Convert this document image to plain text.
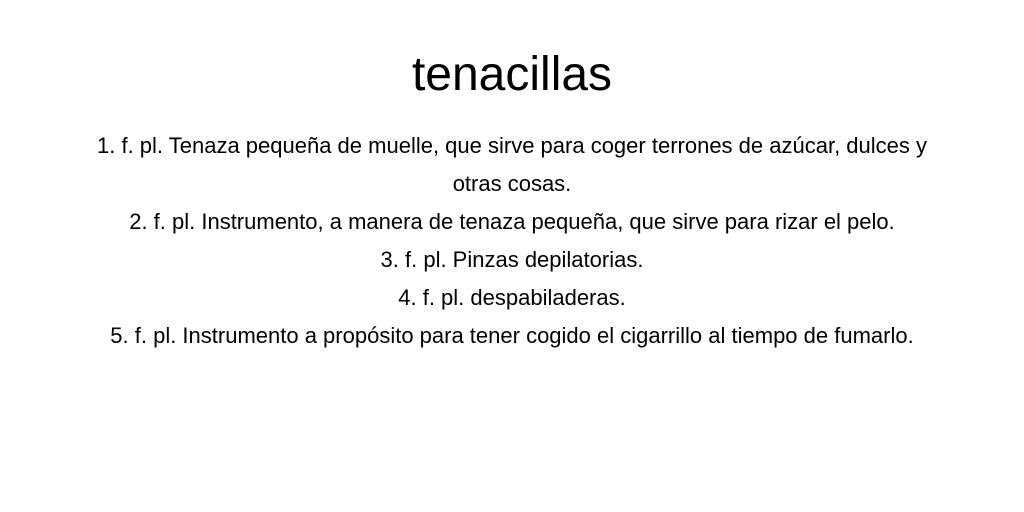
tenacillas

1. f. pl. Tenaza pequeña de muelle, que sirve para coger terrones de azúcar, dulces y otras cosas.

2. f. pl. Instrumento, a manera de tenaza pequeña, que sirve para rizar el pelo.

3. f. pl. Pinzas depilatorias.

4. f. pl. despabiladeras.

5. f. pl. Instrumento a propósito para tener cogido el cigarrillo al tiempo de fumarlo.
